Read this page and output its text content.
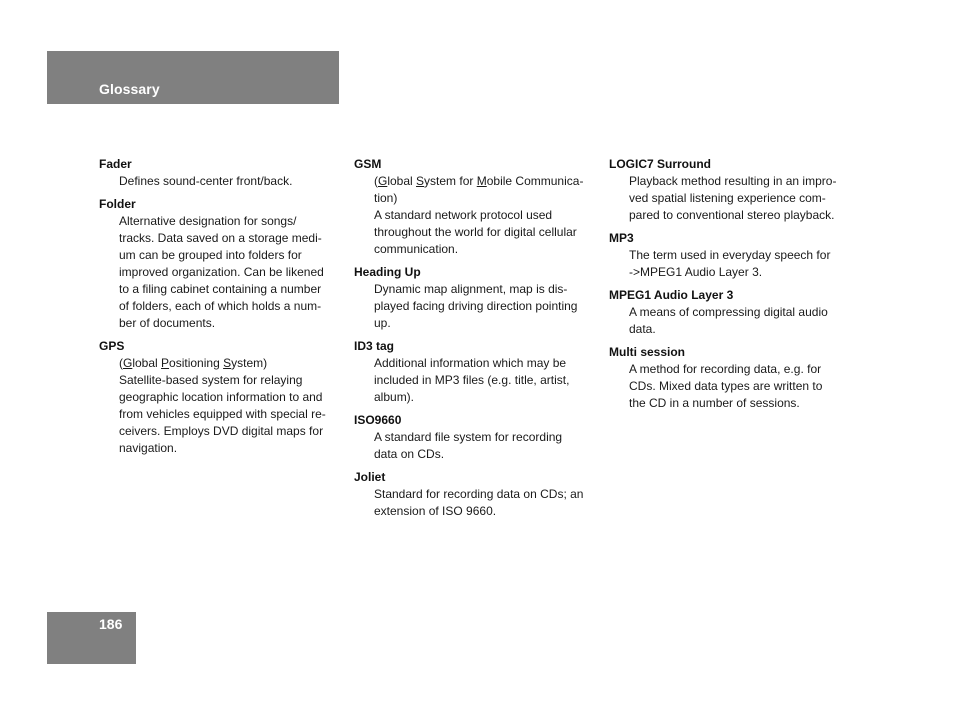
Glossary
Fader
Defines sound-center front/back.
Folder
Alternative designation for songs/
tracks. Data saved on a storage medi-
um can be grouped into folders for
improved organization. Can be likened
to a filing cabinet containing a number
of folders, each of which holds a num-
ber of documents.
GPS
(Global Positioning System)
Satellite-based system for relaying
geographic location information to and
from vehicles equipped with special re-
ceivers. Employs DVD digital maps for
navigation.
GSM
(Global System for Mobile Communica-
tion)
A standard network protocol used
throughout the world for digital cellular
communication.
Heading Up
Dynamic map alignment, map is dis-
played facing driving direction pointing
up.
ID3 tag
Additional information which may be
included in MP3 files (e.g. title, artist,
album).
ISO9660
A standard file system for recording
data on CDs.
Joliet
Standard for recording data on CDs; an
extension of ISO 9660.
LOGIC7 Surround
Playback method resulting in an impro-
ved spatial listening experience com-
pared to conventional stereo playback.
MP3
The term used in everyday speech for
->MPEG1 Audio Layer 3.
MPEG1 Audio Layer 3
A means of compressing digital audio
data.
Multi session
A method for recording data, e.g. for
CDs. Mixed data types are written to
the CD in a number of sessions.
186
